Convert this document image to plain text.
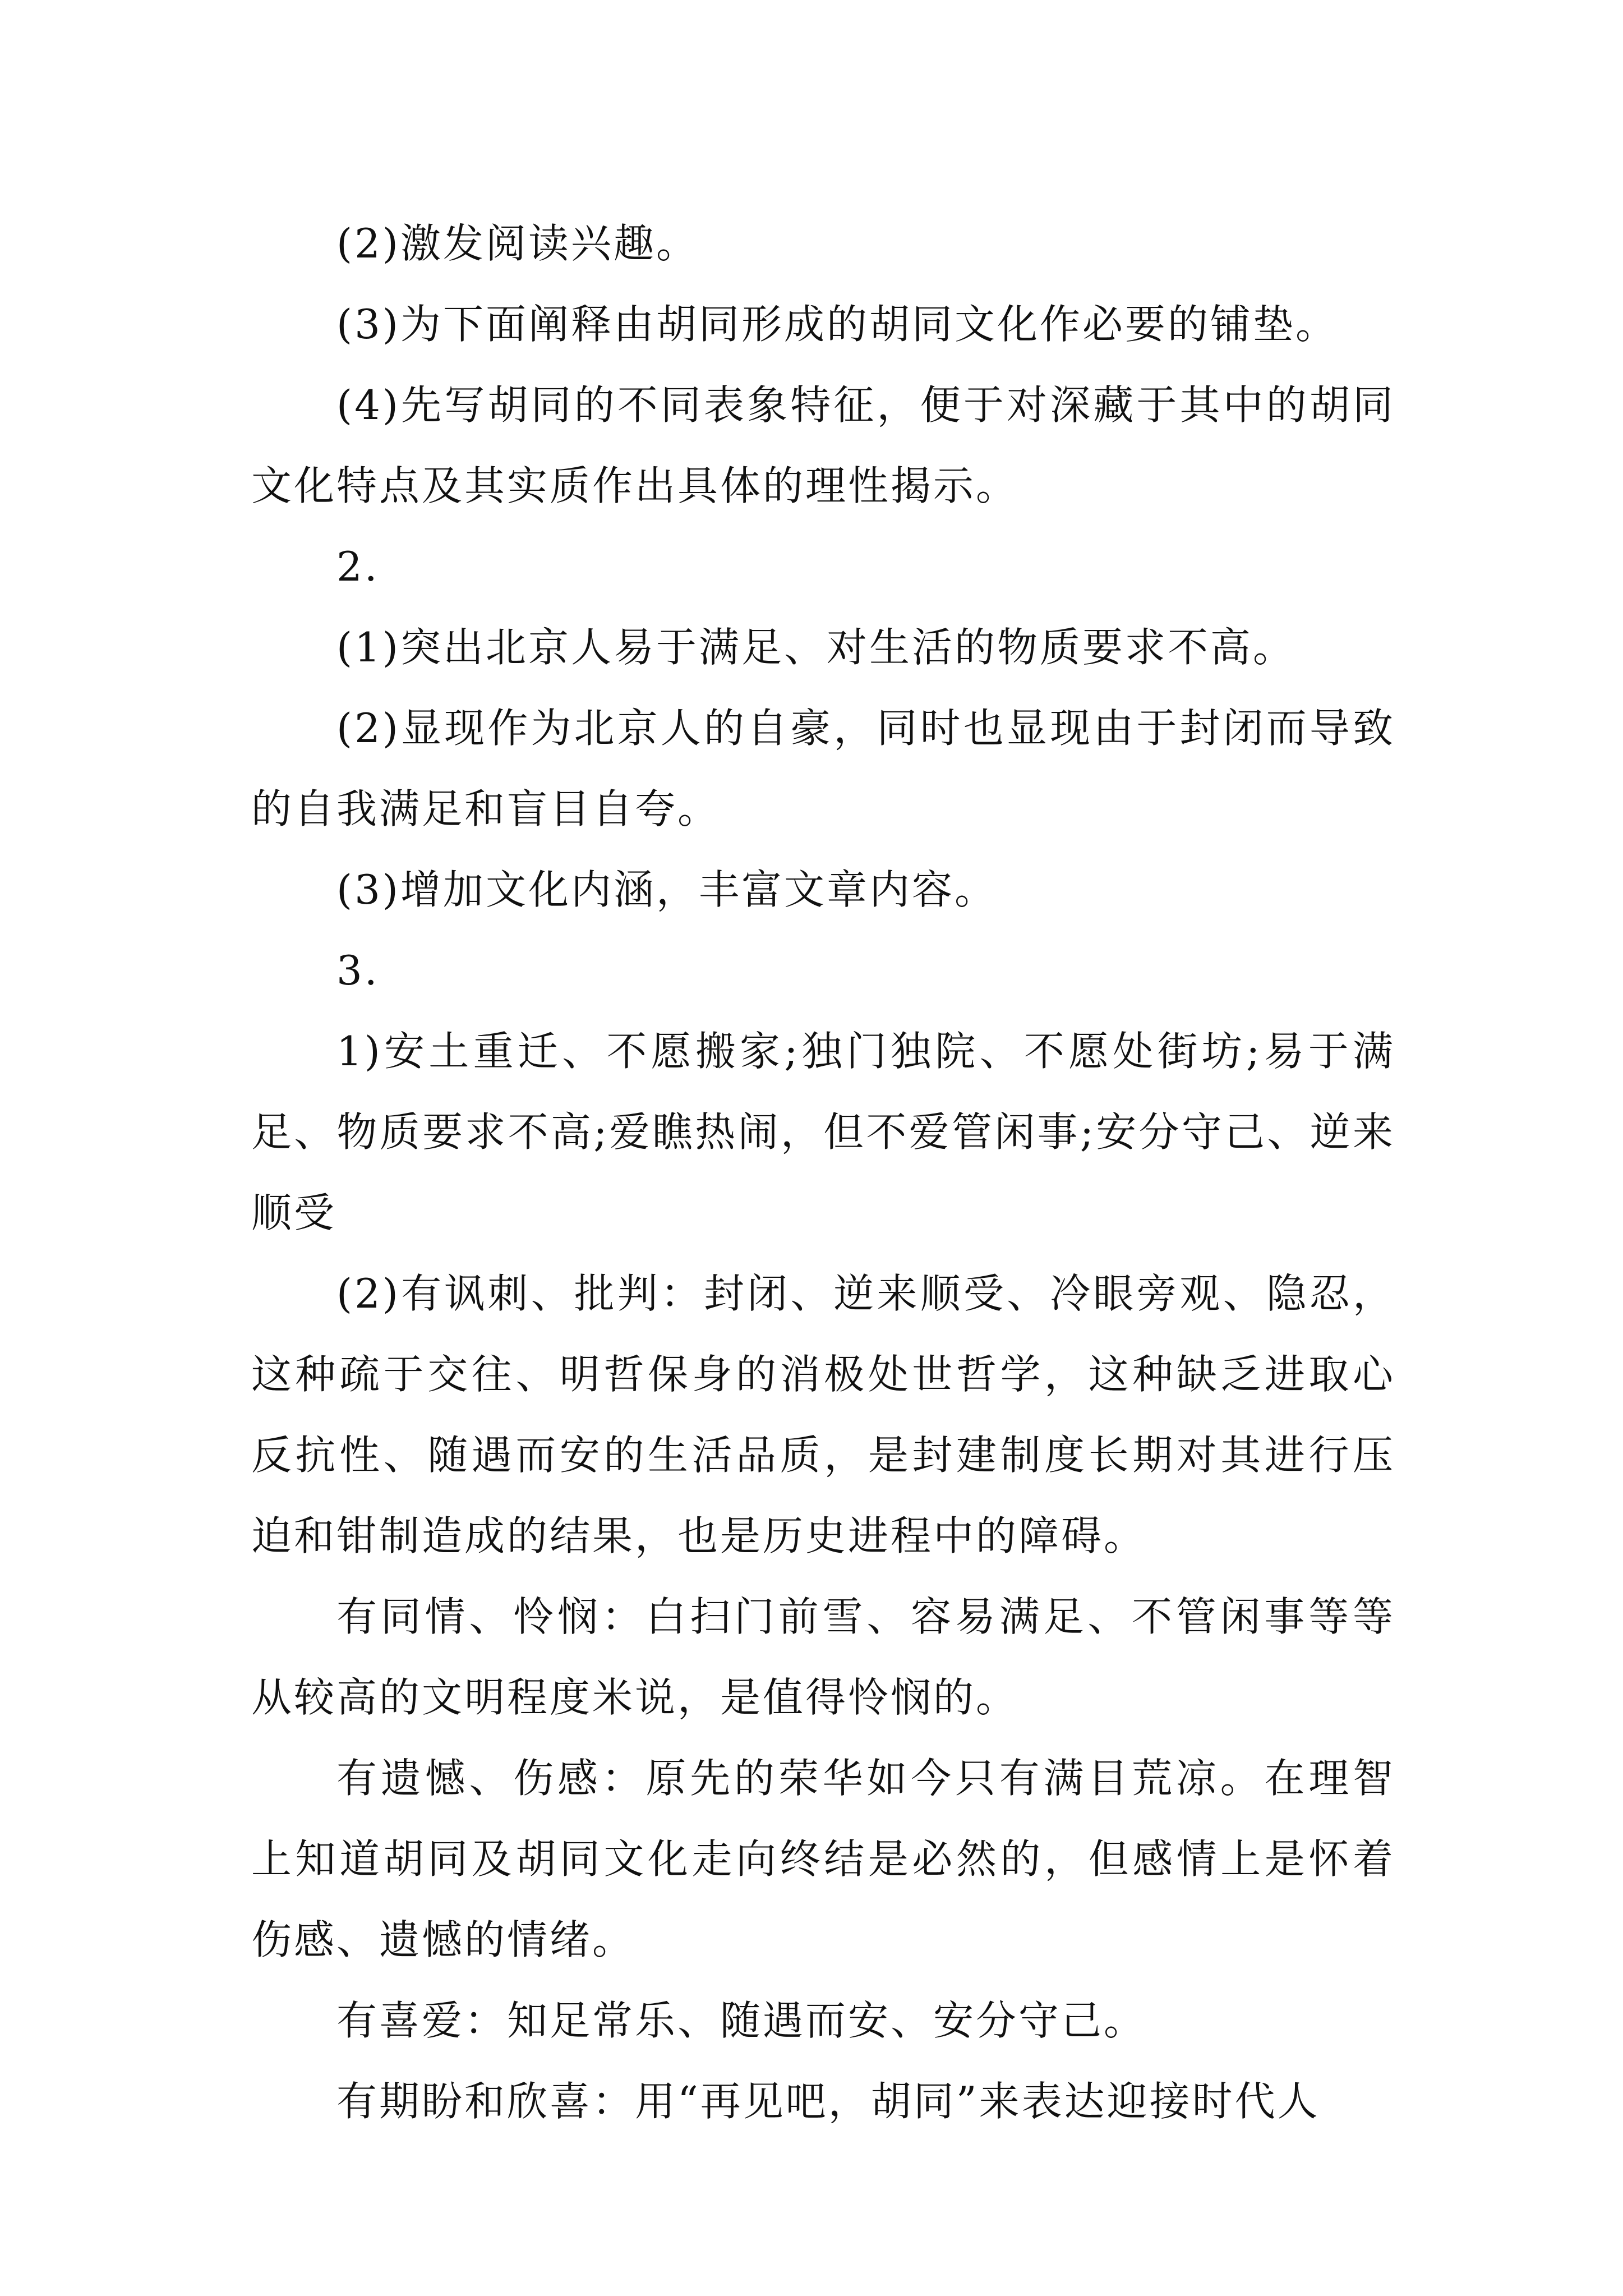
(2)激发阅读兴趣。

(3)为下面阐释由胡同形成的胡同文化作必要的铺垫。

(4)先写胡同的不同表象特征，便于对深藏于其中的胡同文化特点及其实质作出具体的理性揭示。

2.

(1)突出北京人易于满足、对生活的物质要求不高。

(2)显现作为北京人的自豪，同时也显现由于封闭而导致的自我满足和盲目自夸。

(3)增加文化内涵，丰富文章内容。

3.

1)安土重迁、不愿搬家;独门独院、不愿处街坊;易于满足、物质要求不高;爱瞧热闹，但不爱管闲事;安分守己、逆来顺受

(2)有讽刺、批判：封闭、逆来顺受、冷眼旁观、隐忍，这种疏于交往、明哲保身的消极处世哲学，这种缺乏进取心反抗性、随遇而安的生活品质，是封建制度长期对其进行压迫和钳制造成的结果，也是历史进程中的障碍。

有同情、怜悯：白扫门前雪、容易满足、不管闲事等等从较高的文明程度米说，是值得怜悯的。

有遗憾、伤感：原先的荣华如今只有满目荒凉。在理智上知道胡同及胡同文化走向终结是必然的，但感情上是怀着伤感、遗憾的情绪。

有喜爱：知足常乐、随遇而安、安分守己。

有期盼和欣喜：用“再见吧，胡同”来表达迎接时代人
